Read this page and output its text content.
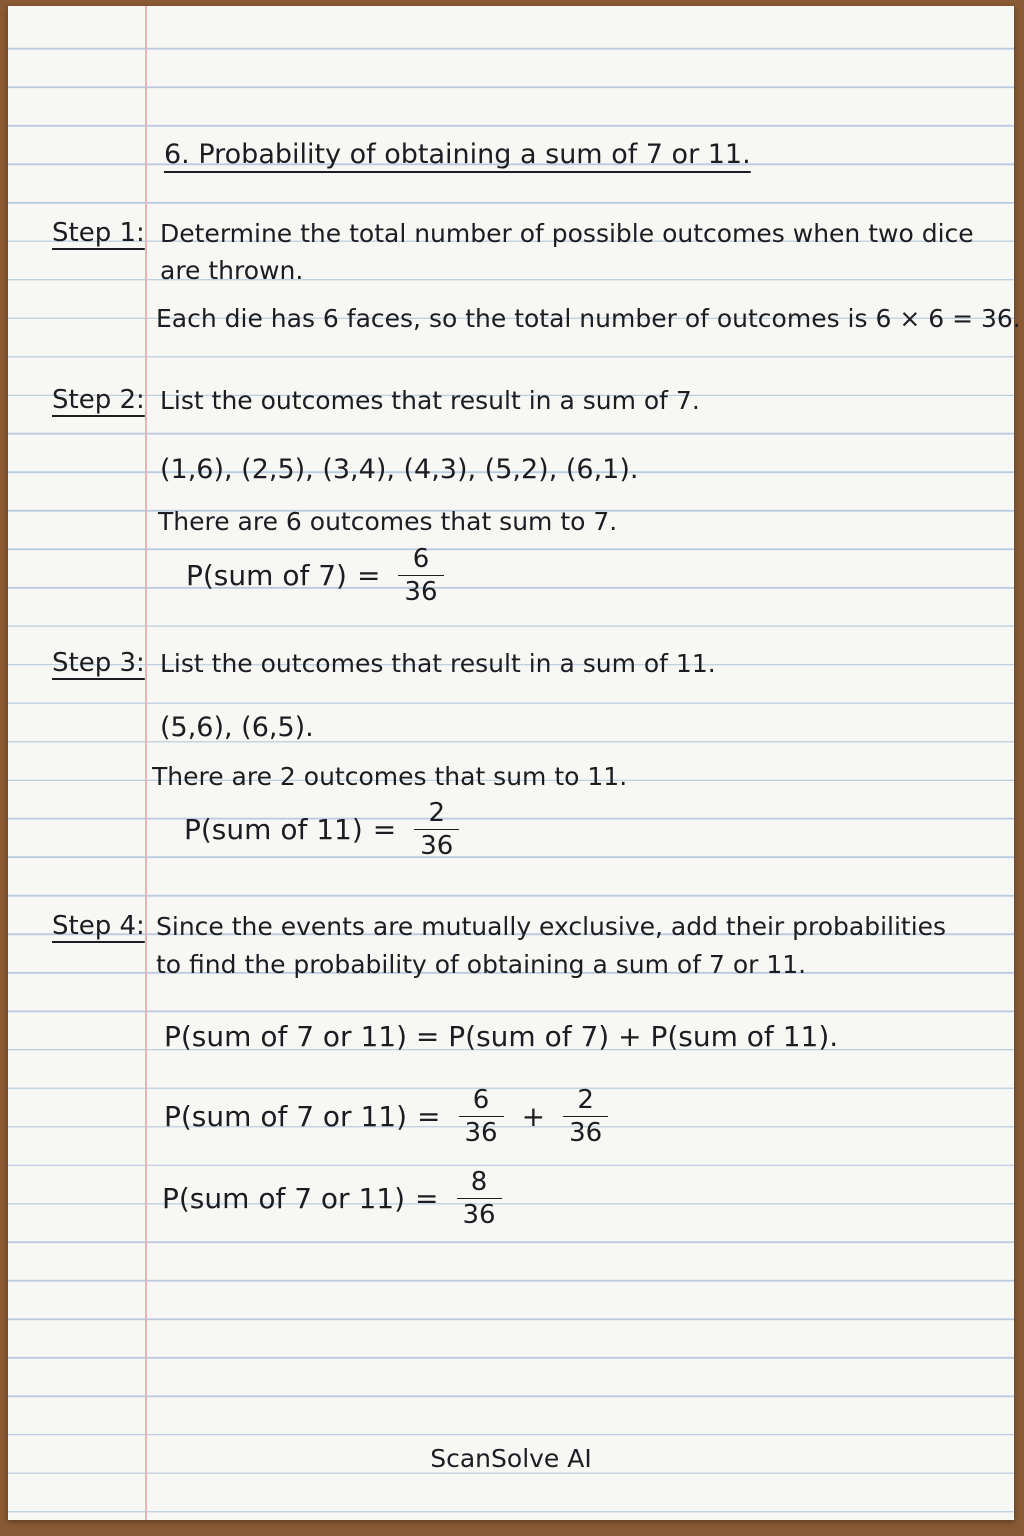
6. Probability of obtaining a sum of 7 or 11.
Step 1: Determine the total number of possible outcomes when two dice
are thrown.
Each die has 6 faces, so the total number of outcomes is 6 × 6 = 36.
Step 2: List the outcomes that result in a sum of 7.
(1,6), (2,5), (3,4), (4,3), (5,2), (6,1).
There are 6 outcomes that sum to 7.
P(sum of $7) = \frac{6}{36}$
Step 3: List the outcomes that result in a sum of 11.
(5,6), (6,5).
There are 2 outcomes that sum to 11.
P(sum of $11) = \frac{2}{36}$
Step 4: Since the events are mutually exclusive, add their probabilities
to find the probability of obtaining a sum of 7 or 11.
P(sum of 7 or 11) = P(sum of 7) + P(sum of 11).
P(sum of 7 or $11) = \frac{6}{36} + \frac{2}{36}$
P(sum of 7 or $11) = \frac{8}{36}$
ScanSolve AI
